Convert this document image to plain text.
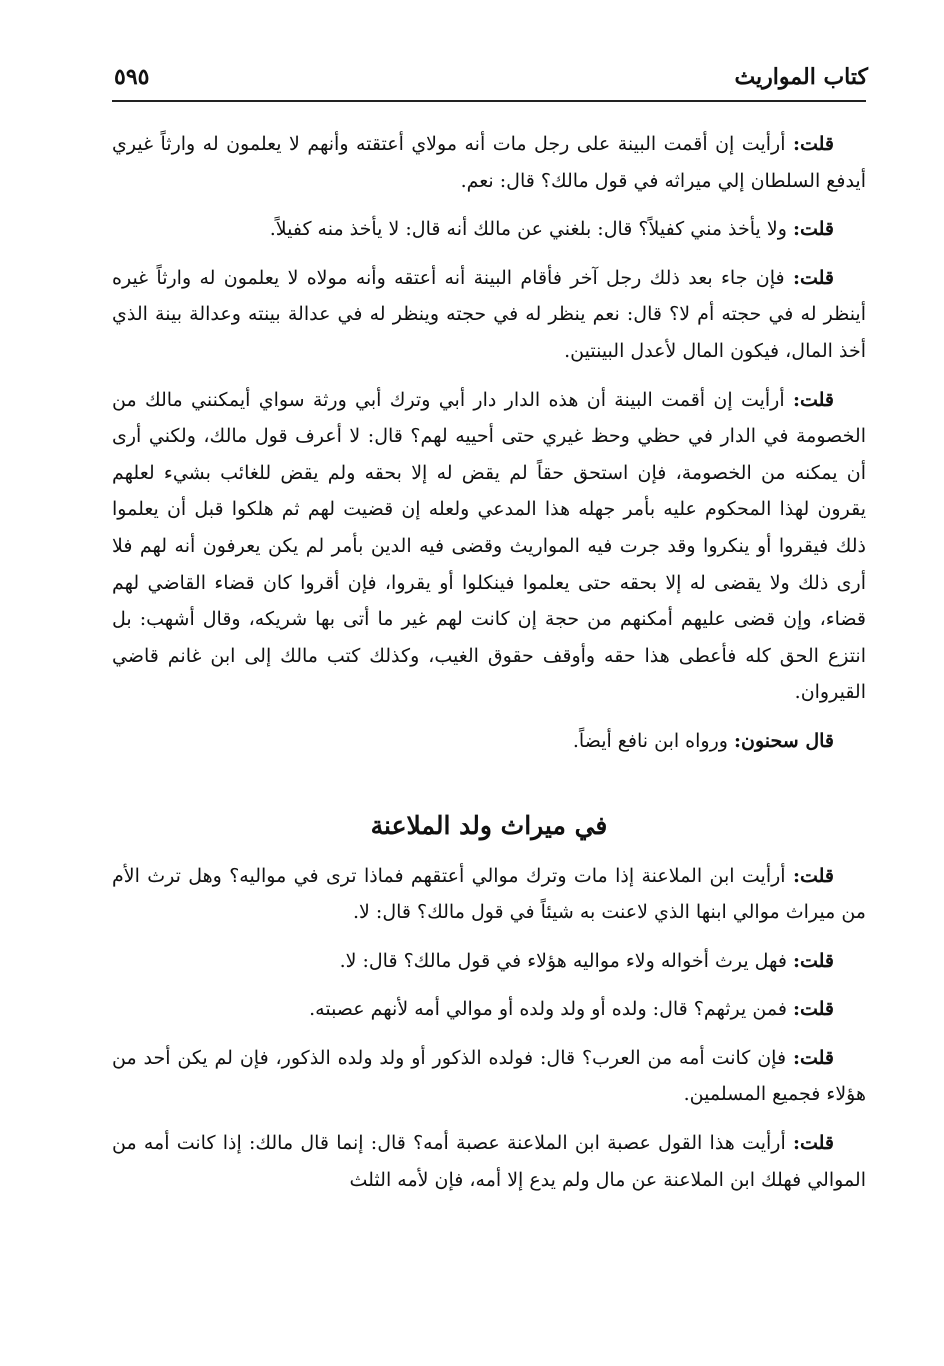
كتاب المواريث
٥٩٥

قلت: أرأيت إن أقمت البينة على رجل مات أنه مولاي أعتقته وأنهم لا يعلمون له وارثاً غيري أيدفع السلطان إلي ميراثه في قول مالك؟ قال: نعم.

قلت: ولا يأخذ مني كفيلاً؟ قال: بلغني عن مالك أنه قال: لا يأخذ منه كفيلاً.

قلت: فإن جاء بعد ذلك رجل آخر فأقام البينة أنه أعتقه وأنه مولاه لا يعلمون له وارثاً غيره أينظر له في حجته أم لا؟ قال: نعم ينظر له في حجته وينظر له في عدالة بينته وعدالة بينة الذي أخذ المال، فيكون المال لأعدل البينتين.

قلت: أرأيت إن أقمت البينة أن هذه الدار دار أبي وترك أبي ورثة سواي أيمكنني مالك من الخصومة في الدار في حظي وحظ غيري حتى أحييه لهم؟ قال: لا أعرف قول مالك، ولكني أرى أن يمكنه من الخصومة، فإن استحق حقاً لم يقض له إلا بحقه ولم يقض للغائب بشيء لعلهم يقرون لهذا المحكوم عليه بأمر جهله هذا المدعي ولعله إن قضيت لهم ثم هلكوا قبل أن يعلموا ذلك فيقروا أو ينكروا وقد جرت فيه المواريث وقضى فيه الدين بأمر لم يكن يعرفون أنه لهم فلا أرى ذلك ولا يقضى له إلا بحقه حتى يعلموا فينكلوا أو يقروا، فإن أقروا كان قضاء القاضي لهم قضاء، وإن قضى عليهم أمكنهم من حجة إن كانت لهم غير ما أتى بها شريكه، وقال أشهب: بل انتزع الحق كله فأعطى هذا حقه وأوقف حقوق الغيب، وكذلك كتب مالك إلى ابن غانم قاضي القيروان.

قال سحنون: ورواه ابن نافع أيضاً.

في ميراث ولد الملاعنة

قلت: أرأيت ابن الملاعنة إذا مات وترك موالي أعتقهم فماذا ترى في مواليه؟ وهل ترث الأم من ميراث موالي ابنها الذي لاعنت به شيئاً في قول مالك؟ قال: لا.

قلت: فهل يرث أخواله ولاء مواليه هؤلاء في قول مالك؟ قال: لا.

قلت: فمن يرثهم؟ قال: ولده أو ولد ولده أو موالي أمه لأنهم عصبته.

قلت: فإن كانت أمه من العرب؟ قال: فولده الذكور أو ولد ولده الذكور، فإن لم يكن أحد من هؤلاء فجميع المسلمين.

قلت: أرأيت هذا القول عصبة ابن الملاعنة عصبة أمه؟ قال: إنما قال مالك: إذا كانت أمه من الموالي فهلك ابن الملاعنة عن مال ولم يدع إلا أمه، فإن لأمه الثلث
